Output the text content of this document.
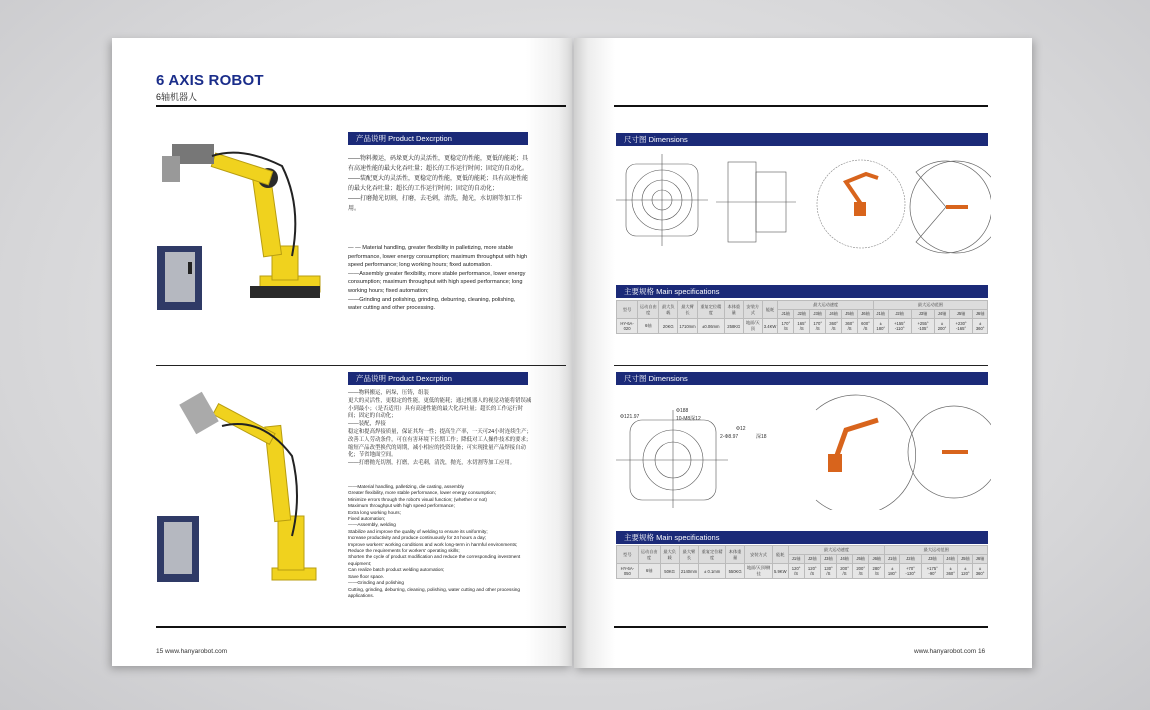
6 AXIS ROBOT
6轴机器人
产品说明 Product Dexcrption

——物料搬运，码垛更大的灵活性，更稳定的性能，更低的能耗；具有高速性能的最大化吞吐量；超长的工作运行时间；固定的自动化。

——装配更大的灵活性，更稳定的性能，更低的能耗；具有高速性能的最大化吞吐量；超长的工作运行时间；固定的自动化；

——打磨抛光切割，打磨，去毛刺，清洗，抛光，水切割等加工作用。

— — Material handling, greater flexibility in palletizing, more stable performance, lower energy consumption; maximum throughput with high speed performance; long working hours; fixed automation.

——Assembly greater flexibility, more stable performance, lower energy consumption; maximum throughput with high speed performance; long working hours; fixed automation;

——Grinding and polishing, grinding, deburring, cleaning, polishing, water cutting and other processing.

产品说明 Product Dexcrption

——物料搬运，码垛，压铸，组装

更大的灵活性，更稳定的性能，更低的能耗；通过机器人的视觉功能将错误减小到最小；（是否适用）具有高速性能的最大化吞吐量；超长的工作运行时间；固定的自动化；

——装配，焊接

稳定和提高焊接质量，保证其均一性；提高生产率，一天可24小时连续生产；改善工人劳动条件，可在有害环境下长期工作；降低对工人操作技术的要求；缩短产品改型换代的周期，减小相应的投资设备；可实现批量产品焊接自动化；节省地面空间。

——打磨抛光切割，打磨，去毛刺，清洗，抛光，水切割等加工应用。

——Material handling, palletizing, die casting, assembly

Greater flexibility, more stable performance, lower energy consumption;

Minimize errors through the robot's visual function; (whether or not)

Maximum throughput with high speed performance;

Extra long working hours;

Fixed automation;

——Assembly, welding

Stabilize and improve the quality of welding to ensure its uniformity;

Increase productivity and produce continuously for 24 hours a day;

Improve workers' working conditions and work long-term in harmful environments;

Reduce the requirements for workers' operating skills;

Shorten the cycle of product modification and reduce the corresponding investment equipment;

Can realize batch product welding automation;

Save floor space.

——Grinding and polishing

Cutting, grinding, deburring, cleaning, polishing, water cutting and other processing applications.

15 www.hanyarobot.com
尺寸图 Dimensions
主要规格 Main specifications
型号	运动自由度	最大负载	最大臂长	重复定位精度	本体重量	安装方式	能耗	最大运动速度						最大运动范围					
								J1轴	J2轴	J3轴	J4轴	J5轴	J6轴	J1轴	J2轴	J3轴	J4轴	J5轴	J6轴
HY-6A-020	6轴	20KG	1710mm	±0.06mm	258KG	地面/天顶	3.4KW	170° /S	165° /S	170° /S	360° /S	360° /S	600° /S	± 180°	+155° -110°	+255° -105°	± 200°	+230° -165°	± 360°
尺寸图 Dimensions
Φ188
10-M8深12
Φ121.97
Φ12
2-Φ8.97	深18
主要规格 Main specifications
型号	运动自由度	最大负载	最大臂长	重复定位精度	本体重量	安装方式	能耗	最大运动速度						最大运动范围					
								J1轴	J2轴	J3轴	J4轴	J5轴	J6轴	J1轴	J2轴	J3轴	J4轴	J5轴	J6轴
HY-6A-050	6轴	50KG	2140mm	± 0.1mm	550KG	地面/天顶/侧挂	5.9KW	120° /S	120° /S	130° /S	200° /S	200° /S	280° /S	± 180°	+70° -130°	+175° -90°	± 360°	± 120°	± 360°
www.hanyarobot.com 16
